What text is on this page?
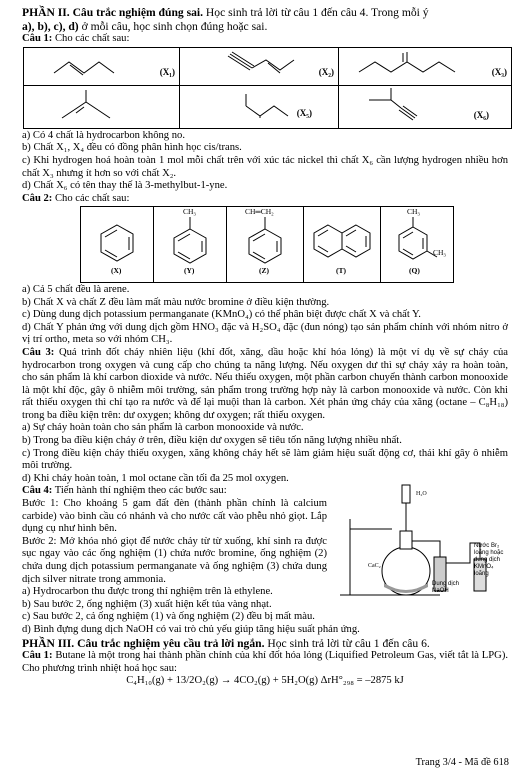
PHẦN II. Câu trắc nghiệm đúng sai. Học sinh trả lời từ câu 1 đến câu 4. Trong mỗi ý
a), b), c), d) ở mỗi câu, học sinh chọn đúng hoặc sai.

Câu 1: Cho các chất sau:

(X₁)	(X₂)	(X₃)

(X₅)	(X₆)

a) Có 4 chất là hydrocarbon không no.

b) Chất X₁, X₄ đều có đồng phân hình học cis/trans.

c) Khi hydrogen hoá hoàn toàn 1 mol mỗi chất trên với xúc tác nickel thì chất X₆ cần lượng hydrogen nhiều hơn chất X₃ nhưng ít hơn so với chất X₂.

d) Chất X₆ có tên thay thế là 3-methylbut-1-yne.

Câu 2: Cho các chất sau:

(X)

CH₃
(Y)

CH═CH₂
(Z)	(T)

CH₃
CH₃
(Q)

a) Cả 5 chất đều là arene.

b) Chất X và chất Z đều làm mất màu nước bromine ở điều kiện thường.

c) Dùng dung dịch potassium permanganate (KMnO₄) có thể phân biệt được chất X và chất Y.

d) Chất Y phản ứng với dung dịch gồm HNO₃ đặc và H₂SO₄ đặc (đun nóng) tạo sản phẩm chính với nhóm nitro ở vị trí ortho, meta so với nhóm CH₃.

Câu 3: Quá trình đốt cháy nhiên liệu (khí đốt, xăng, dầu hoặc khí hóa lỏng) là một ví dụ về sự cháy của hydrocarbon trong oxygen và cung cấp cho chúng ta năng lượng. Nếu oxygen dư thì sự cháy xảy ra hoàn toàn, cho sản phẩm là khí carbon dioxide và nước. Nếu thiếu oxygen, một phần carbon chuyển thành carbon monooxide là một khí độc, gây ô nhiễm môi trường, sản phẩm trong trường hợp này là carbon monooxide và nước. Còn khi rất thiếu oxygen thì chỉ tạo ra nước và để lại muội than là carbon. Xét phản ứng cháy của xăng (octane – C₈H₁₈) trong ba điều kiện trên: dư oxygen; không dư oxygen; rất thiếu oxygen.

a) Sự cháy hoàn toàn cho sản phẩm là carbon monooxide và nước.

b) Trong ba điều kiện cháy ở trên, điều kiện dư oxygen sẽ tiêu tốn năng lượng nhiều nhất.

c) Trong điều kiện cháy thiếu oxygen, xăng không cháy hết sẽ làm giảm hiệu suất động cơ, thải khí gây ô nhiễm môi trường.

d) Khi cháy hoàn toàn, 1 mol octane cần tối đa 25 mol oxygen.

Câu 4: Tiến hành thí nghiệm theo các bước sau:

Bước 1: Cho khoảng 5 gam đất đèn (thành phần chính là calcium carbide) vào bình cầu có nhánh và cho nước cất vào phễu nhỏ giọt. Lắp dụng cụ như hình bên.

Bước 2: Mở khóa nhỏ giọt để nước chảy từ từ xuống, khí sinh ra được sục ngay vào các ống nghiệm (1) chứa nước bromine, ống nghiệm (2) chứa dung dịch potassium permanganate và ống nghiệm (3) chứa dung dịch silver nitrate trong ammonia.

H₂O
CaC₂
Dung dịch NaOH
Nước Br₂ loãng hoặc dung dịch KMnO₄ loãng

a) Hydrocarbon thu được trong thí nghiệm trên là ethylene.

b) Sau bước 2, ống nghiệm (3) xuất hiện kết tủa vàng nhạt.

c) Sau bước 2, cả ống nghiệm (1) và ống nghiệm (2) đều bị mất màu.

d) Bình đựng dung dịch NaOH có vai trò chủ yếu giúp tăng hiệu suất phản ứng.

PHẦN III. Câu trắc nghiệm yêu cầu trả lời ngắn. Học sinh trả lời từ câu 1 đến câu 6.

Câu 1: Butane là một trong hai thành phần chính của khí đốt hóa lỏng (Liquified Petroleum Gas, viết tắt là LPG). Cho phương trình nhiệt hoá học sau:

C₄H₁₀(g) + 13/2O₂(g) → 4CO₂(g) + 5H₂O(g) ΔrH°₂₉₈ = –2875 kJ

Trang 3/4 - Mã đề 618
